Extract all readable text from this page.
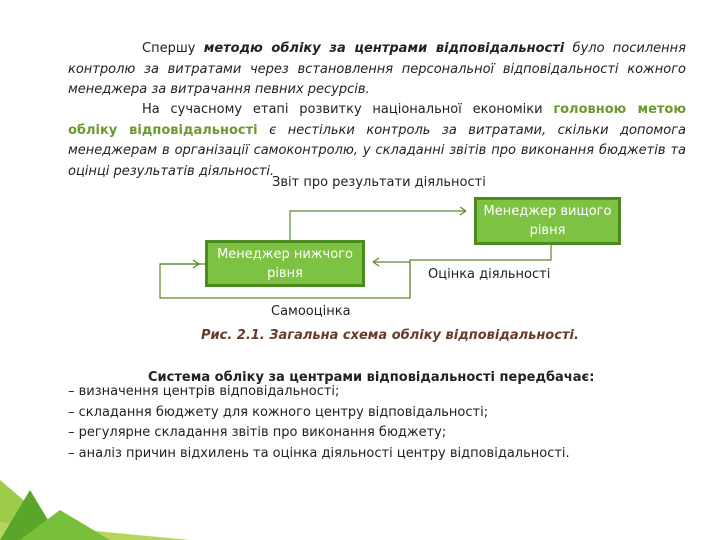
Спершу методю обліку за центрами відповідальності було посилення контролю за витратами через встановлення персональної відповідальності кожного менеджера за витрачання певних ресурсів.
На сучасному етапі розвитку національної економіки головною метою обліку відповідальності є нестільки контроль за витратами, скільки допомога менеджерам в організації самоконтролю, у складанні звітів про виконання бюджетів та оцінці результатів діяльності.
Звіт про результати діяльності
Менеджер вищого рівня
Менеджер нижчого рівня	Оцінка діяльності
Самооцінка
Рис. 2.1. Загальна схема обліку відповідальності.
Система обліку за центрами відповідальності передбачає:
– визначення центрів відповідальності;
– складання бюджету для кожного центру відповідальності;
– регулярне складання звітів про виконання бюджету;
– аналіз причин відхилень та оцінка діяльності центру відповідальності.
